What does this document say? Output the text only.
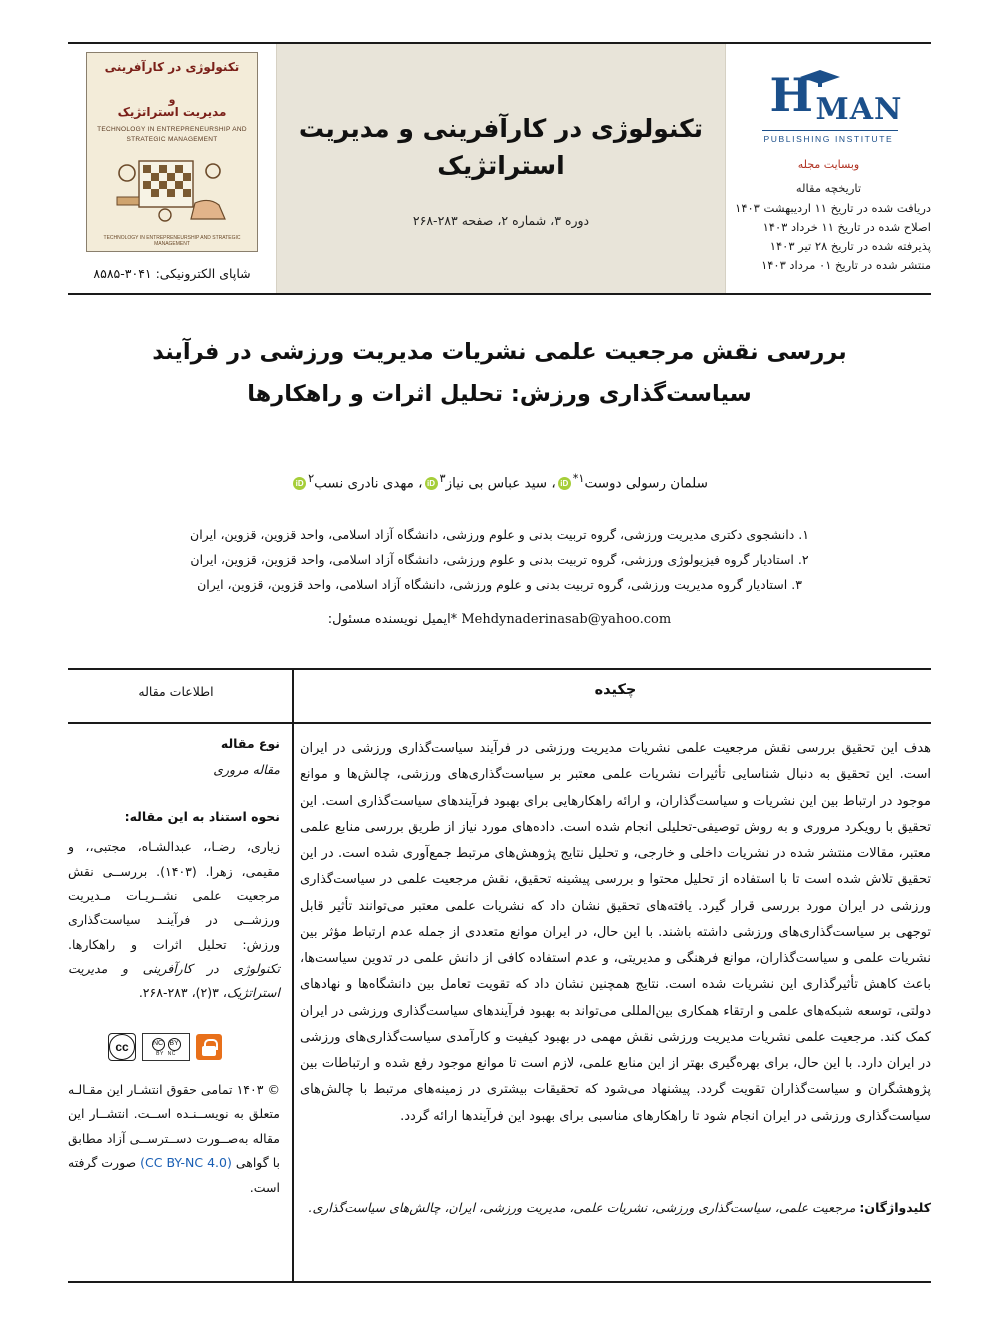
H MAN
PUBLISHING INSTITUTE
وبسایت مجله
تاریخچه مقاله
دریافت شده در تاریخ ۱۱ اردیبهشت ۱۴۰۳
اصلاح شده در تاریخ ۱۱ خرداد ۱۴۰۳
پذیرفته شده در تاریخ ۲۸ تیر ۱۴۰۳
منتشر شده در تاریخ ۰۱ مرداد ۱۴۰۳
تکنولوژی در کارآفرینی و مدیریت استراتژیک
دوره ۳، شماره ۲، صفحه ۲۸۳-۲۶۸
تکنولوژی در کارآفرینی
و
مدیریت استراتژیک
TECHNOLOGY IN ENTREPRENEURSHIP AND STRATEGIC MANAGEMENT
TECHNOLOGY IN ENTREPRENEURSHIP AND STRATEGIC MANAGEMENT
شاپای الکترونیکی: ۳۰۴۱-۸۵۸۵
بررسی نقش مرجعیت علمی نشریات مدیریت ورزشی در فرآیند سیاست‌گذاری ورزش: تحلیل اثرات و راهکارها
سلمان رسولی دوست$^{۱*}$iD، سید عباس بی نیاز$^۳$iD، مهدی نادری نسب$^۲$iD
۱. دانشجوی دکتری مدیریت ورزشی، گروه تربیت بدنی و علوم ورزشی، دانشگاه آزاد اسلامی، واحد قزوین، قزوین، ایران
۲. استادیار گروه فیزیولوژی ورزشی، گروه تربیت بدنی و علوم ورزشی، دانشگاه آزاد اسلامی، واحد قزوین، قزوین، ایران
۳. استادیار گروه مدیریت ورزشی، گروه تربیت بدنی و علوم ورزشی، دانشگاه آزاد اسلامی، واحد قزوین، قزوین، ایران
Mehdynaderinasab@yahoo.com *ایمیل نویسنده مسئول:
چکیده
هدف این تحقیق بررسی نقش مرجعیت علمی نشریات مدیریت ورزشی در فرآیند سیاست‌گذاری ورزشی در ایران است. این تحقیق به دنبال شناسایی تأثیرات نشریات علمی معتبر بر سیاست‌گذاری‌های ورزشی، چالش‌ها و موانع موجود در ارتباط بین این نشریات و سیاست‌گذاران، و ارائه راهکارهایی برای بهبود فرآیندهای سیاست‌گذاری است. این تحقیق با رویکرد مروری و به روش توصیفی-تحلیلی انجام شده است. داده‌های مورد نیاز از طریق بررسی منابع علمی معتبر، مقالات منتشر شده در نشریات داخلی و خارجی، و تحلیل نتایج پژوهش‌های مرتبط جمع‌آوری شده است. در این تحقیق تلاش شده است تا با استفاده از تحلیل محتوا و بررسی پیشینه تحقیق، نقش مرجعیت علمی در سیاست‌گذاری ورزشی در ایران مورد بررسی قرار گیرد. یافته‌های تحقیق نشان داد که نشریات علمی معتبر می‌توانند تأثیر قابل توجهی بر سیاست‌گذاری‌های ورزشی داشته باشند. با این حال، در ایران موانع متعددی از جمله عدم ارتباط مؤثر بین نشریات علمی و سیاست‌گذاران، موانع فرهنگی و مدیریتی، و عدم استفاده کافی از دانش علمی در تدوین سیاست‌ها، باعث کاهش تأثیرگذاری این نشریات شده است. نتایج همچنین نشان داد که تقویت تعامل بین دانشگاه‌ها و نهادهای دولتی، توسعه شبکه‌های علمی و ارتقاء همکاری بین‌المللی می‌تواند به بهبود فرآیندهای سیاست‌گذاری ورزشی در ایران کمک کند. مرجعیت علمی نشریات مدیریت ورزشی نقش مهمی در بهبود کیفیت و کارآمدی سیاست‌گذاری‌های ورزشی در ایران دارد. با این حال، برای بهره‌گیری بهتر از این منابع علمی، لازم است تا موانع موجود رفع شده و ارتباطات بین پژوهشگران و سیاست‌گذاران تقویت گردد. پیشنهاد می‌شود که تحقیقات بیشتری در زمینه‌های مرتبط با چالش‌های سیاست‌گذاری ورزشی در ایران انجام شود تا راهکارهای مناسبی برای بهبود این فرآیندها ارائه گردد.
کلیدواژگان: مرجعیت علمی، سیاست‌گذاری ورزشی، نشریات علمی، مدیریت ورزشی، ایران، چالش‌های سیاست‌گذاری.
اطلاعات مقاله
نوع مقاله
مقاله مروری
نحوه استناد به این مقاله:
زیاری، رضـا،، عبدالشـاه، مجتبی،، و مقیمی، زهرا. (۱۴۰۳). بررســی نقش مرجعیت علمی نشــریـات مـدیریت ورزشــی در فرآینـد سیاست‌گذاری ورزش: تحلیل اثرات و راهکارها. تکنولوژی در کارآفرینی و مدیریت استراتژیک، ۳(۲)، ۲۸۳-۲۶۸.
cc	BY
NC
BY  NC
© ۱۴۰۳ تمامی حقوق انتشـار این مقـالـه متعلق به نویســنـده اســت. انتشــار این مقاله به‌صــورت دســترســی آزاد مطابق با گواهی (CC BY-NC 4.0) صورت گرفته است.
